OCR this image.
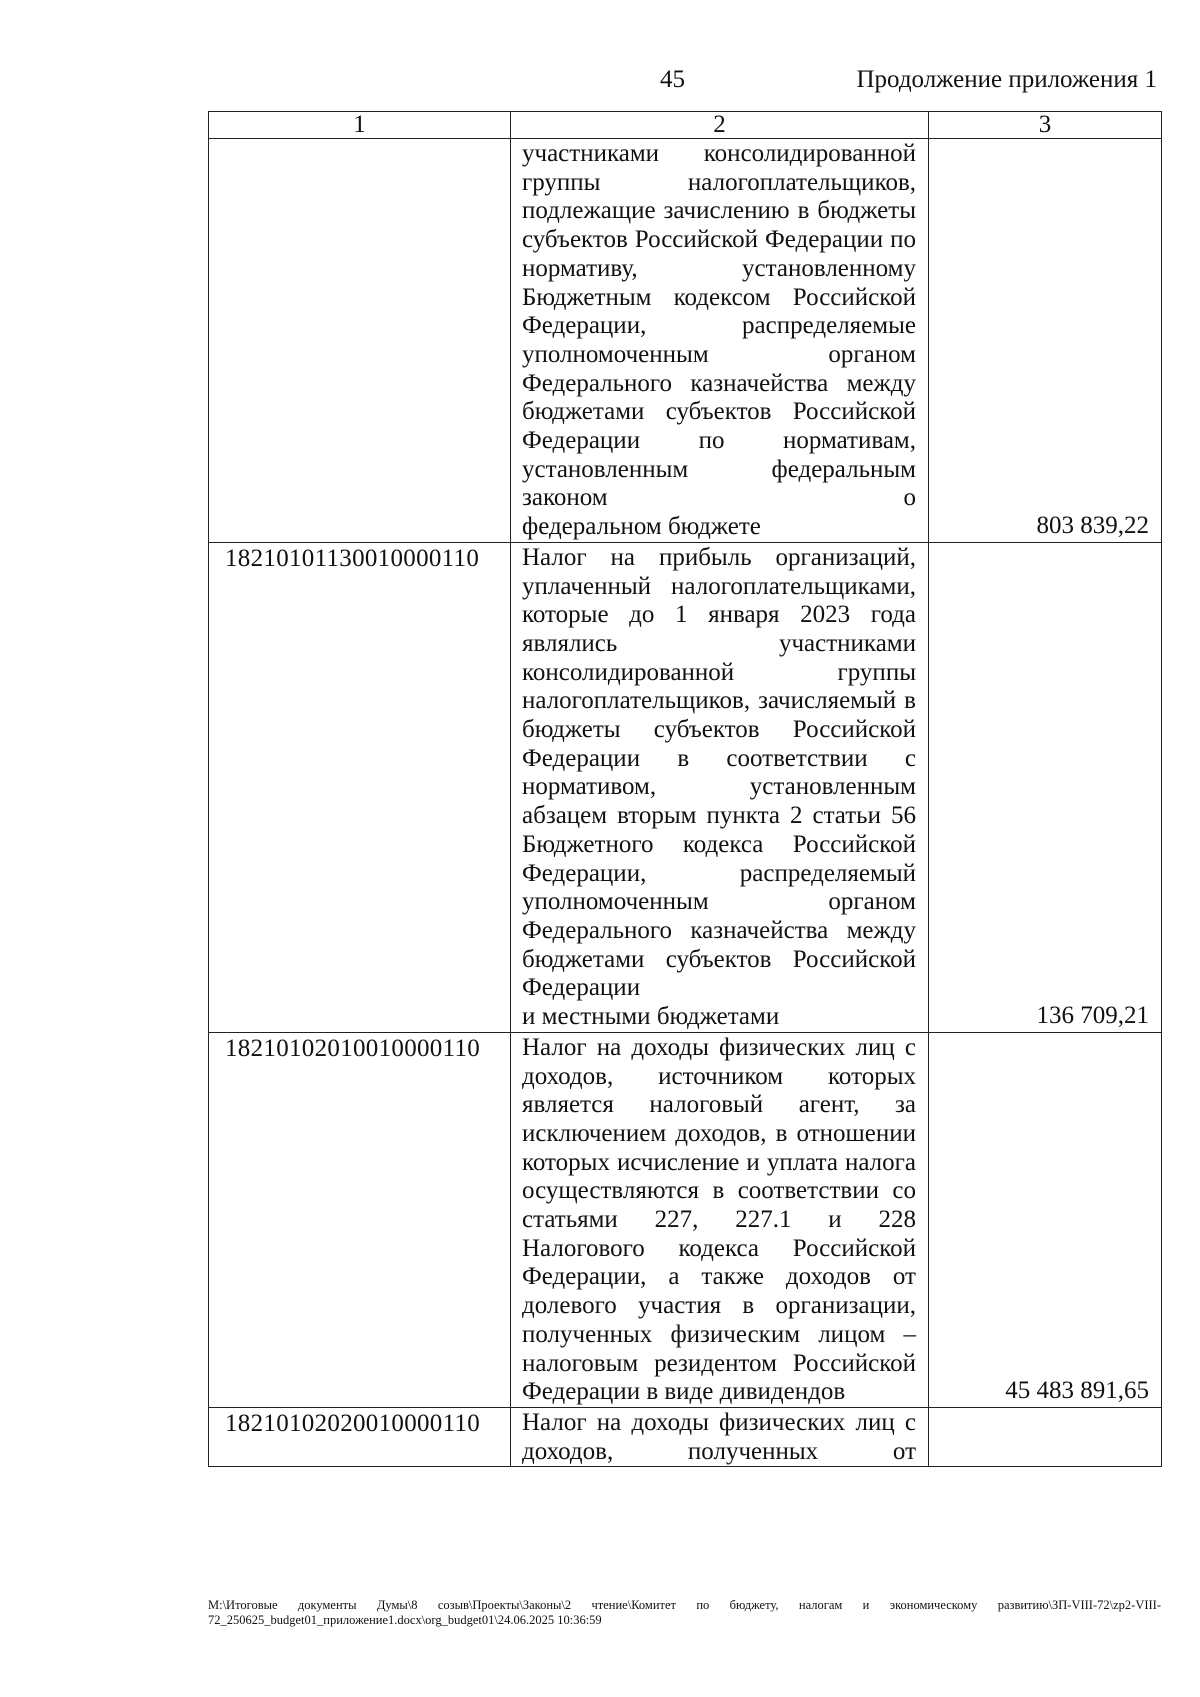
45	Продолжение приложения 1
1	2	3
	участниками консолидированной группы налогоплательщиков, подлежащие зачислению в бюджеты субъектов Российской Федерации по нормативу, установленному Бюджетным кодексом Российской Федерации, распределяемые уполномоченным органом Федерального казначейства между бюджетами субъектов Российской Федерации по нормативам, установленным федеральным законом о
федеральном бюджете	803 839,22
18210101130010000110	Налог на прибыль организаций, уплаченный налогоплательщиками, которые до 1 января 2023 года являлись участниками консолидированной группы налогоплательщиков, зачисляемый в бюджеты субъектов Российской Федерации в соответствии с нормативом, установленным абзацем вторым пункта 2 статьи 56 Бюджетного кодекса Российской Федерации, распределяемый уполномоченным органом Федерального казначейства между бюджетами субъектов Российской Федерации
и местными бюджетами	136 709,21
18210102010010000110	Налог на доходы физических лиц с доходов, источником которых является налоговый агент, за исключением доходов, в отношении которых исчисление и уплата налога осуществляются в соответствии со статьями 227, 227.1 и 228 Налогового кодекса Российской Федерации, а также доходов от долевого участия в организации, полученных физическим лицом – налоговым резидентом Российской
Федерации в виде дивидендов	45 483 891,65
18210102020010000110	Налог на доходы физических лиц с доходов, полученных от

M:\Итоговые документы Думы\8 созыв\Проекты\Законы\2 чтение\Комитет по бюджету, налогам и экономическому развитию\ЗП-VIII-72\zp2-VIII-72_250625_budget01_приложение1.docx\org_budget01\24.06.2025 10:36:59
